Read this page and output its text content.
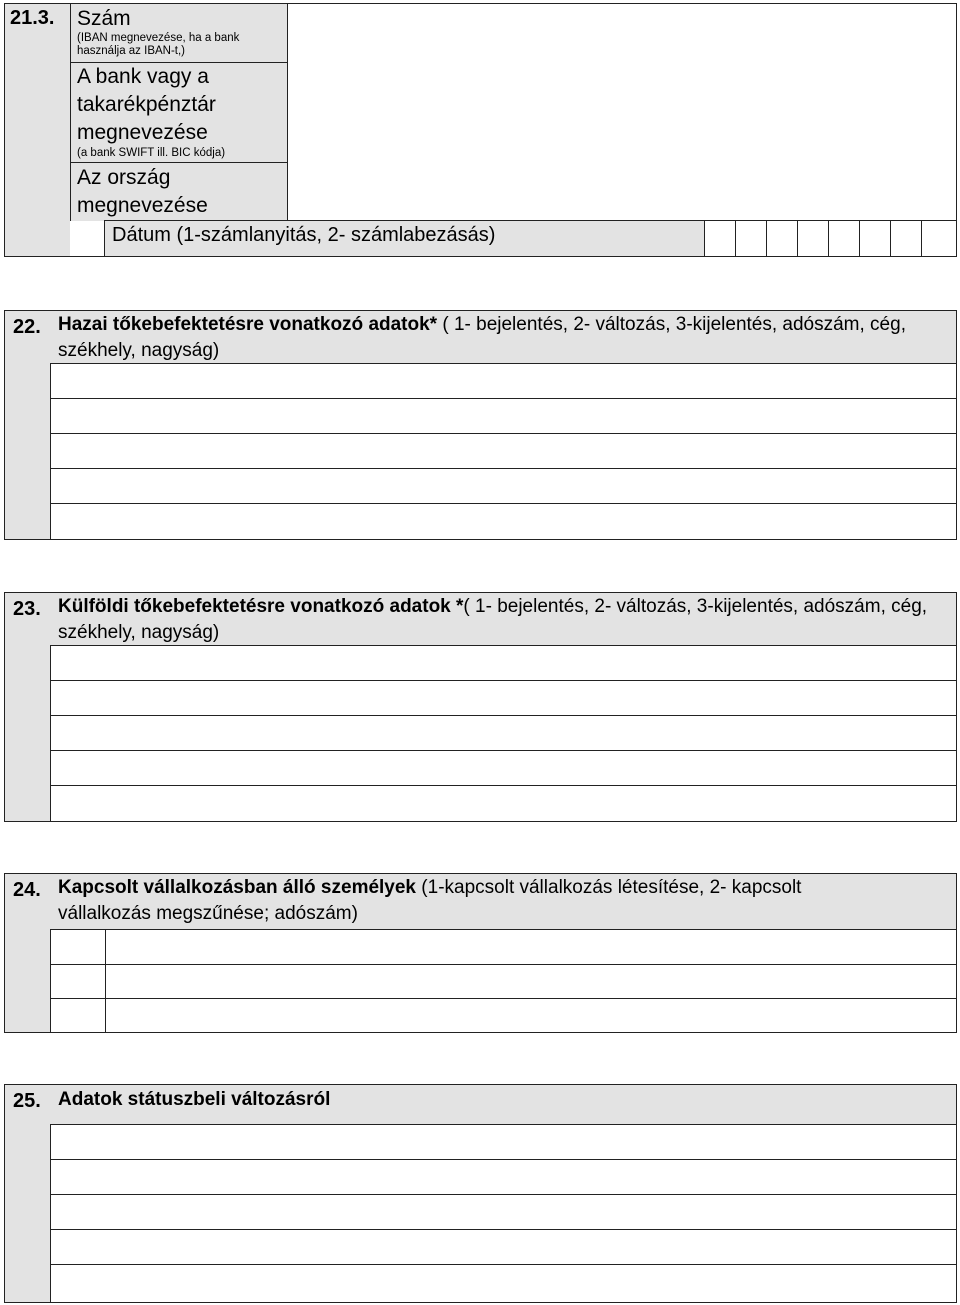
21.3. Szám
(IBAN megnevezése, ha a bank használja az IBAN-t,)
A bank vagy a takarékpénztár megnevezése
(a bank SWIFT ill. BIC kódja)
Az ország megnevezése
Dátum (1-számlanyitás, 2- számlabezásás)
22. Hazai tőkebefektetésre vonatkozó adatok* ( 1- bejelentés, 2- változás, 3-kijelentés, adószám, cég, székhely, nagyság)
23. Külföldi tőkebefektetésre vonatkozó adatok *( 1- bejelentés, 2- változás, 3-kijelentés, adószám, cég, székhely, nagyság)
24. Kapcsolt vállalkozásban álló személyek (1-kapcsolt vállalkozás létesítése, 2- kapcsolt vállalkozás megszűnése; adószám)
25. Adatok státuszbeli változásról
